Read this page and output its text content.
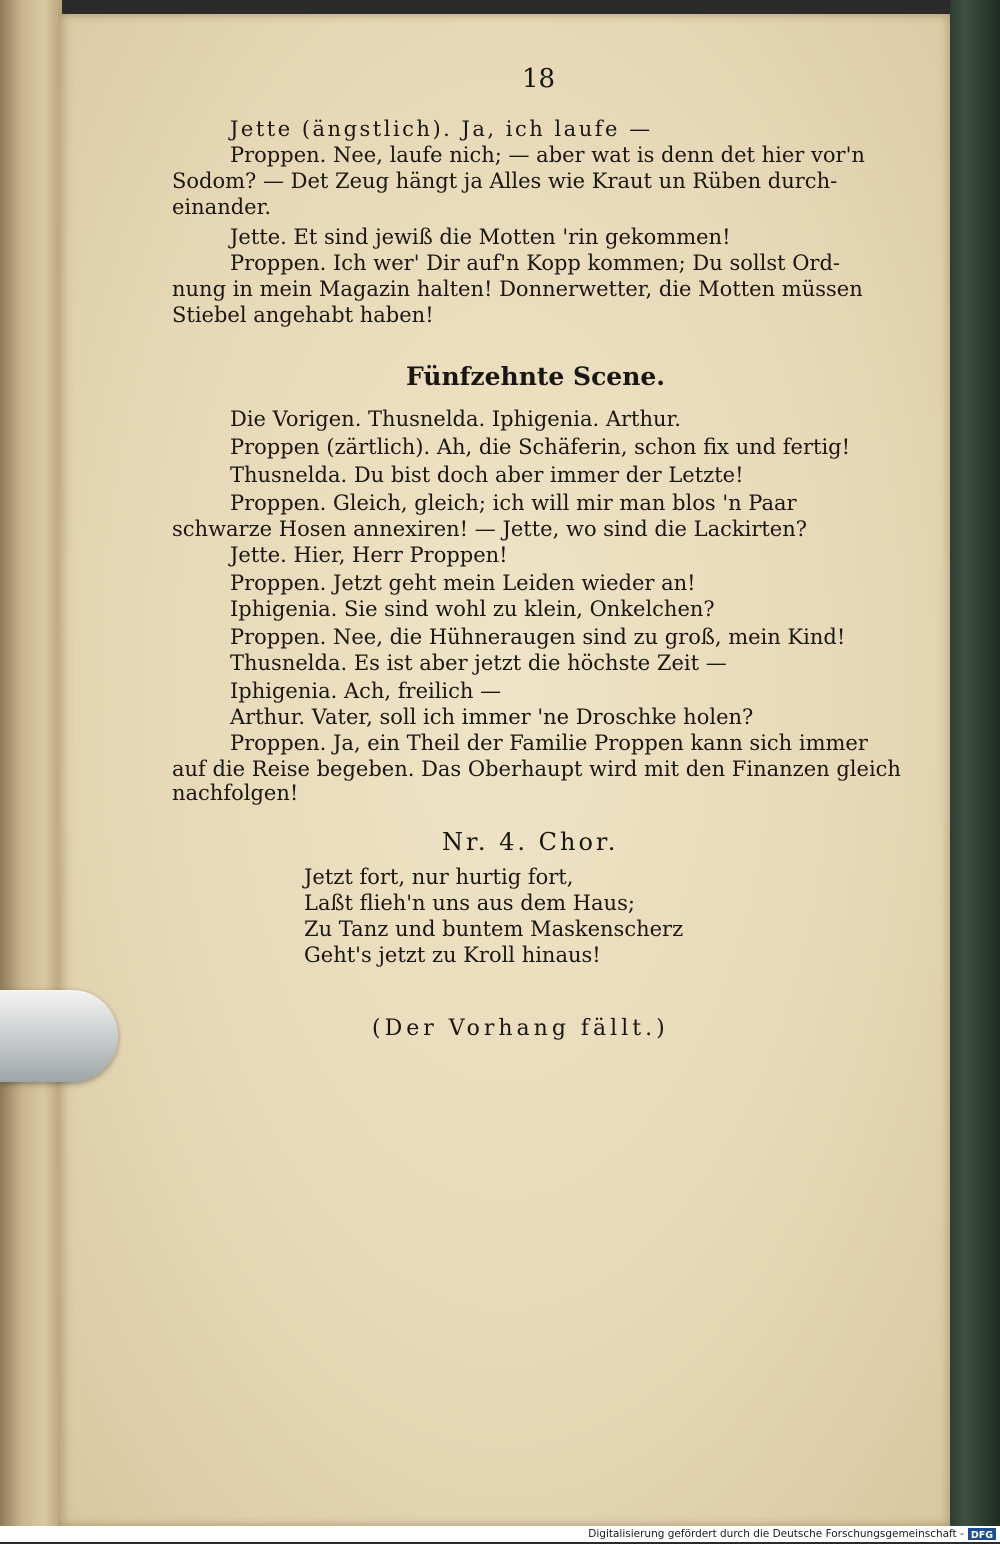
18
Jette (ängstlich). Ja, ich laufe —
Proppen. Nee, laufe nich; — aber wat is denn det hier vor'n
Sodom? — Det Zeug hängt ja Alles wie Kraut un Rüben durch-
einander.
Jette. Et sind jewiß die Motten 'rin gekommen!
Proppen. Ich wer' Dir auf'n Kopp kommen; Du sollst Ord-
nung in mein Magazin halten! Donnerwetter, die Motten müssen
Stiebel angehabt haben!
Fünfzehnte Scene.
Die Vorigen. Thusnelda. Iphigenia. Arthur.
Proppen (zärtlich). Ah, die Schäferin, schon fix und fertig!
Thusnelda. Du bist doch aber immer der Letzte!
Proppen. Gleich, gleich; ich will mir man blos 'n Paar
schwarze Hosen annexiren! — Jette, wo sind die Lackirten?
Jette. Hier, Herr Proppen!
Proppen. Jetzt geht mein Leiden wieder an!
Iphigenia. Sie sind wohl zu klein, Onkelchen?
Proppen. Nee, die Hühneraugen sind zu groß, mein Kind!
Thusnelda. Es ist aber jetzt die höchste Zeit —
Iphigenia. Ach, freilich —
Arthur. Vater, soll ich immer 'ne Droschke holen?
Proppen. Ja, ein Theil der Familie Proppen kann sich immer
auf die Reise begeben. Das Oberhaupt wird mit den Finanzen gleich
nachfolgen!
Nr. 4. Chor.
Jetzt fort, nur hurtig fort,
Laßt flieh'n uns aus dem Haus;
Zu Tanz und buntem Maskenscherz
Geht's jetzt zu Kroll hinaus!
(Der Vorhang fällt.)
Digitalisierung gefördert durch die Deutsche Forschungsgemeinschaft - DFG
